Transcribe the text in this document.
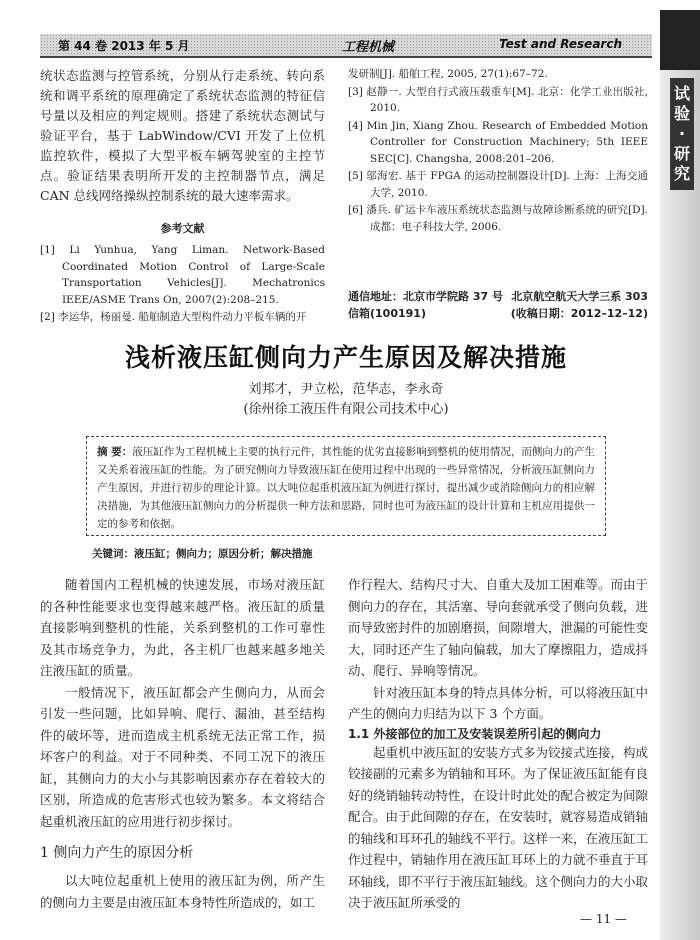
试
验
·
研
究
第 44 卷 2013 年 5 月	工程机械	Test and Research

统状态监测与控管系统，分别从行走系统、转向系统和调平系统的原理确定了系统状态监测的特征信号量以及相应的判定规则。搭建了系统状态测试与验证平台，基于 LabWindow/CVI 开发了上位机监控软件，模拟了大型平板车辆驾驶室的主控节点。验证结果表明所开发的主控制器节点，满足 CAN 总线网络操纵控制系统的最大速率需求。

参考文献

[1] Li Yunhua, Yang Liman. Network-Based Coordinated Motion Control of Large-Scale Transportation Vehicles[J]. Mechatronics IEEE/ASME Trans On, 2007(2):208–215.

[2] 李运华，杨丽曼. 船舶制造大型构件动力平板车辆的开

发研制[J]. 船舶工程, 2005, 27(1):67–72.

[3] 赵静一. 大型自行式液压载重车[M]. 北京：化学工业出版社, 2010.

[4] Min Jin, Xiang Zhou. Research of Embedded Motion Controller for Construction Machinery; 5th IEEE SEC[C]. Changsha, 2008:201–206.

[5] 邬海宏. 基于 FPGA 的运动控制器设计[D]. 上海：上海交通大学, 2010.

[6] 潘兵. 矿运卡车液压系统状态监测与故障诊断系统的研究[D]. 成都：电子科技大学, 2006.

通信地址：北京市学院路 37 号 北京航空航天大学三系 303
信箱(100191)	(收稿日期：2012–12–12)
浅析液压缸侧向力产生原因及解决措施
刘邦才，尹立松，范华志，李永奇
(徐州徐工液压件有限公司技术中心)
摘 要：液压缸作为工程机械上主要的执行元件，其性能的优劣直接影响到整机的使用情况，而侧向力的产生又关系着液压缸的性能。为了研究侧向力导致液压缸在使用过程中出现的一些异常情况，分析液压缸侧向力产生原因，并进行初步的理论计算。以大吨位起重机液压缸为例进行探讨，提出减少或消除侧向力的相应解决措施，为其他液压缸侧向力的分析提供一种方法和思路，同时也可为液压缸的设计计算和主机应用提供一定的参考和依据。
关键词：液压缸；侧向力；原因分析；解决措施

随着国内工程机械的快速发展，市场对液压缸的各种性能要求也变得越来越严格。液压缸的质量直接影响到整机的性能，关系到整机的工作可靠性及其市场竞争力，为此，各主机厂也越来越多地关注液压缸的质量。

一般情况下，液压缸都会产生侧向力，从而会引发一些问题，比如异响、爬行、漏油，甚至结构件的破坏等，进而造成主机系统无法正常工作，损坏客户的利益。对于不同种类、不同工况下的液压缸，其侧向力的大小与其影响因素亦存在着较大的区别，所造成的危害形式也较为繁多。本文将结合起重机液压缸的应用进行初步探讨。

1 侧向力产生的原因分析

以大吨位起重机上使用的液压缸为例，所产生的侧向力主要是由液压缸本身特性所造成的，如工

作行程大、结构尺寸大、自重大及加工困难等。而由于侧向力的存在，其活塞、导向套就承受了侧向负载，进而导致密封件的加剧磨损，间隙增大，泄漏的可能性变大，同时还产生了轴向偏载，加大了摩擦阻力，造成抖动、爬行、异响等情况。

针对液压缸本身的特点具体分析，可以将液压缸中产生的侧向力归结为以下 3 个方面。

1.1 外接部位的加工及安装误差所引起的侧向力

起重机中液压缸的安装方式多为铰接式连接，构成铰接副的元素多为销轴和耳环。为了保证液压缸能有良好的绕销轴转动特性，在设计时此处的配合被定为间隙配合。由于此间隙的存在，在安装时，就容易造成销轴的轴线和耳环孔的轴线不平行。这样一来，在液压缸工作过程中，销轴作用在液压缸耳环上的力就不垂直于耳环轴线，即不平行于液压缸轴线。这个侧向力的大小取决于液压缸所承受的

— 11 —
